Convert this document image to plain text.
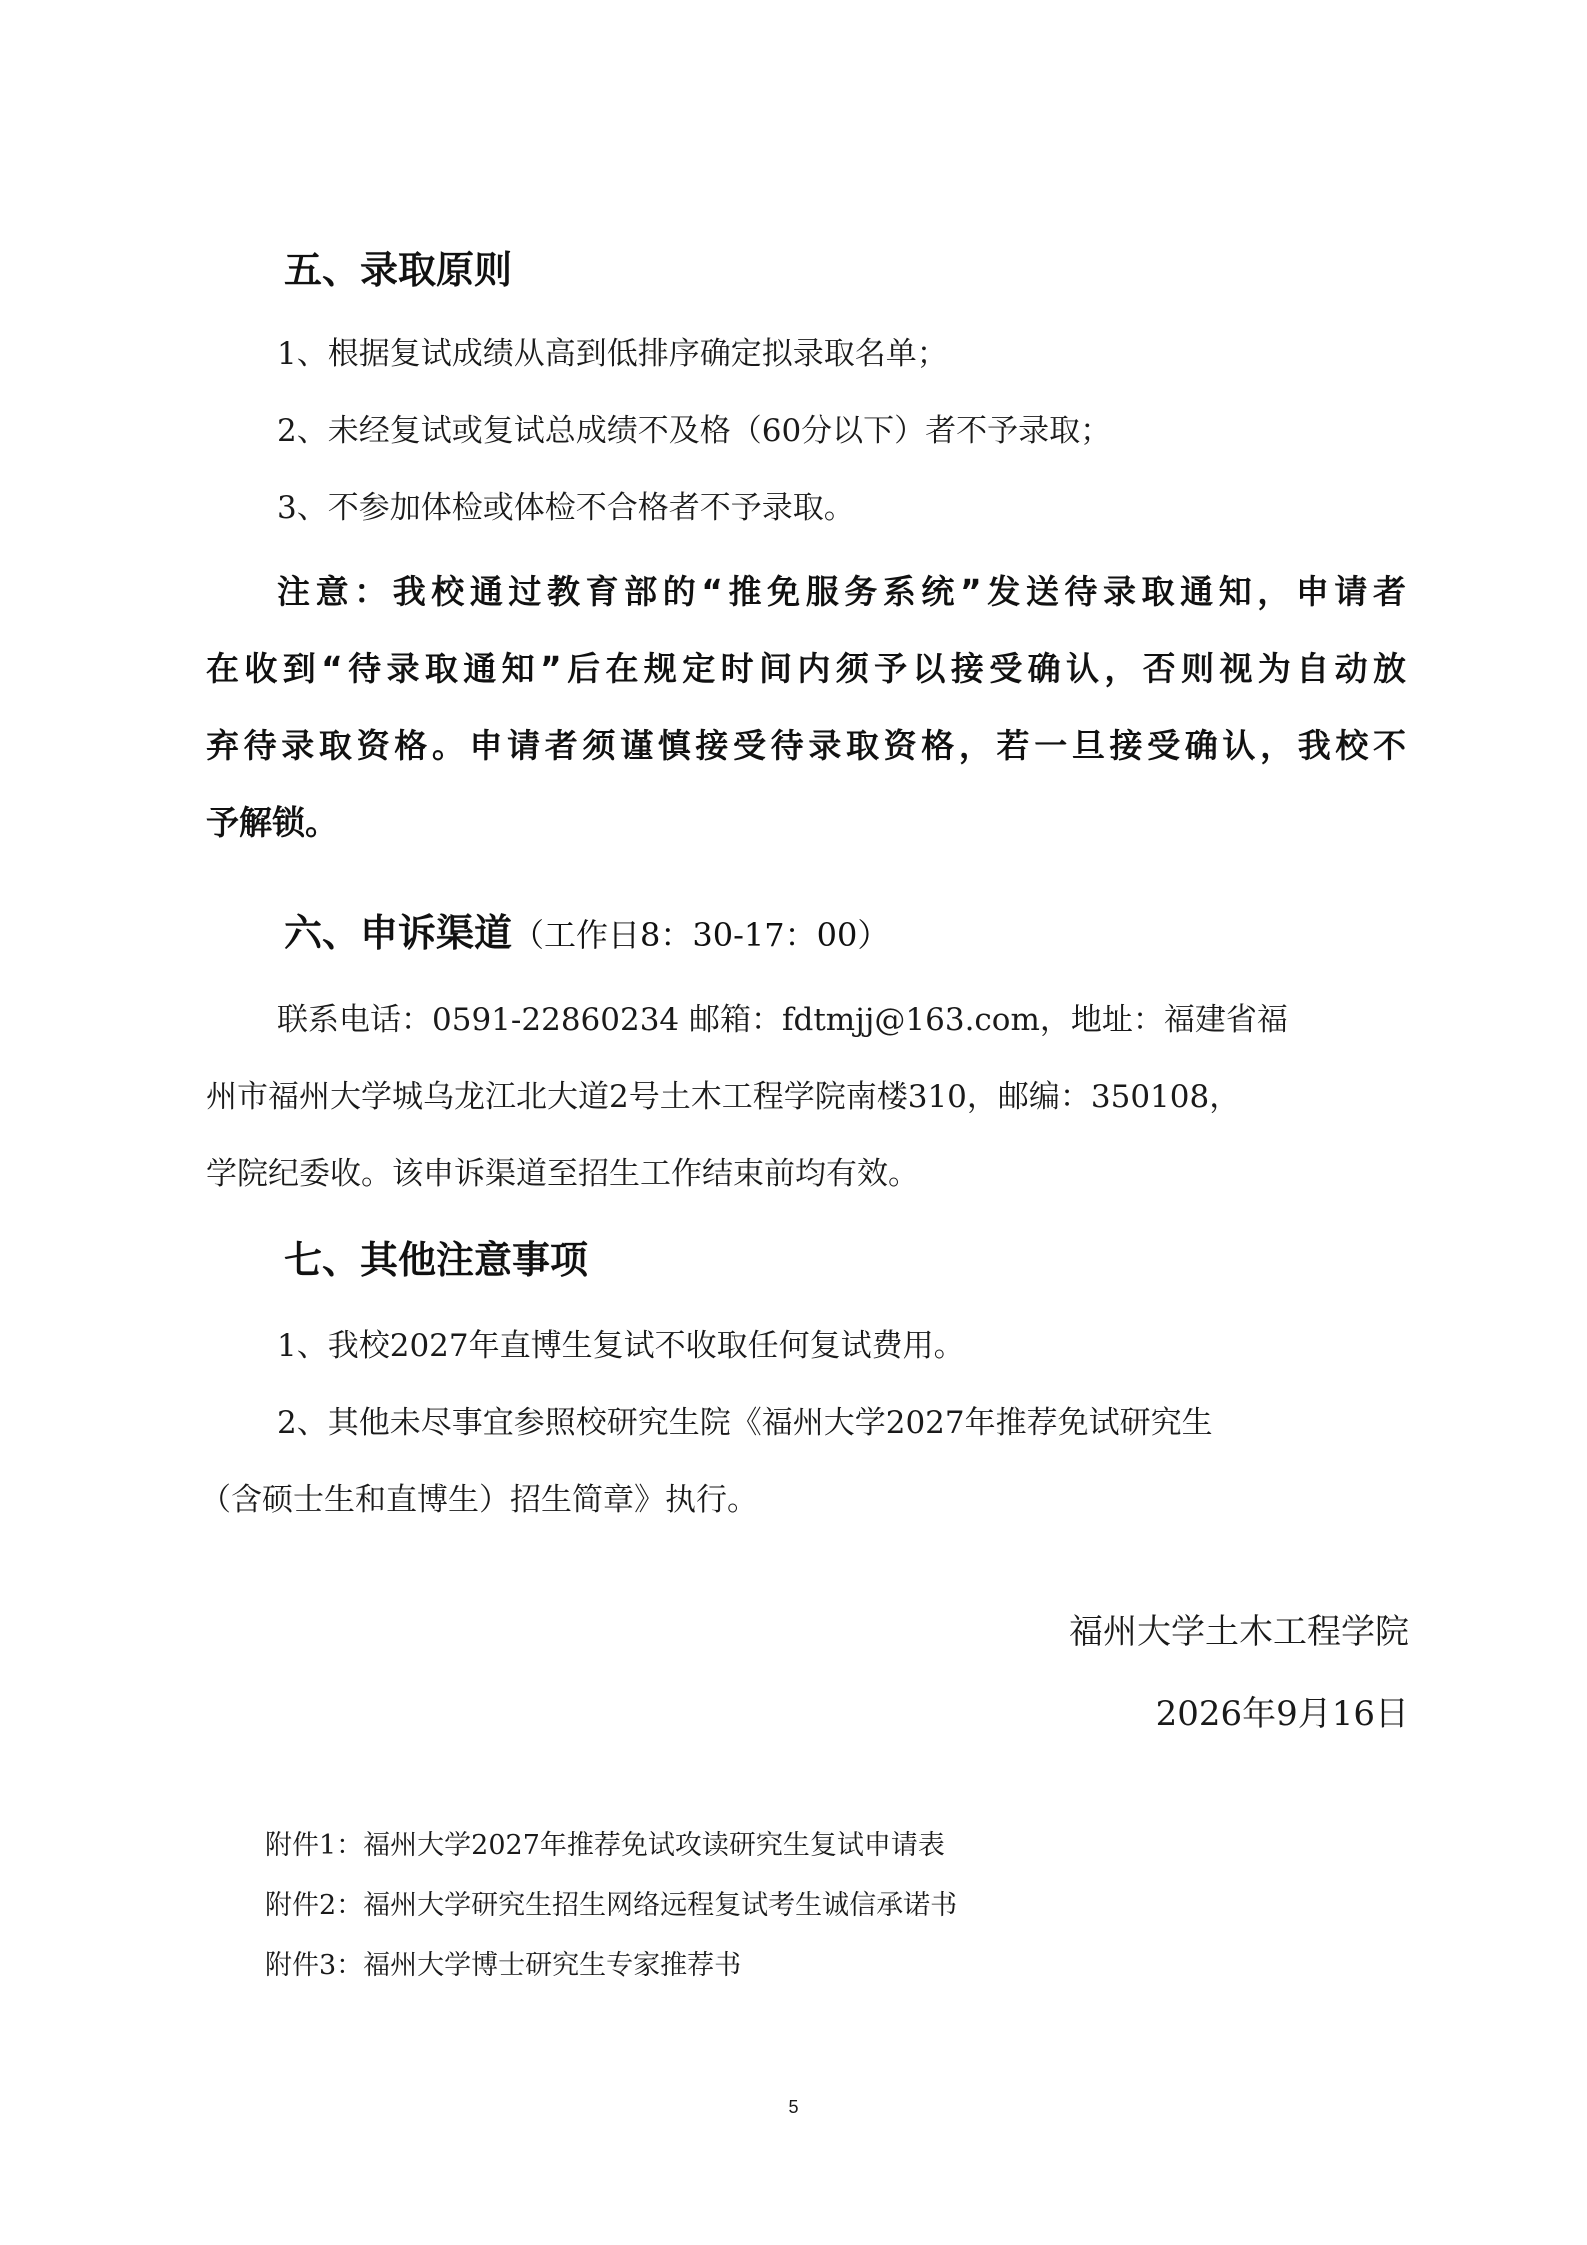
五、录取原则
1、根据复试成绩从高到低排序确定拟录取名单；
2、未经复试或复试总成绩不及格（60分以下）者不予录取；
3、不参加体检或体检不合格者不予录取。
注意：我校通过教育部的“推免服务系统”发送待录取通知，申请者
在收到“待录取通知”后在规定时间内须予以接受确认，否则视为自动放
弃待录取资格。申请者须谨慎接受待录取资格，若一旦接受确认，我校不
予解锁。
六、申诉渠道（工作日8：30-17：00）
联系电话：0591-22860234 邮箱：fdtmjj@163.com，地址：福建省福
州市福州大学城乌龙江北大道2号土木工程学院南楼310，邮编：350108，
学院纪委收。该申诉渠道至招生工作结束前均有效。
七、其他注意事项
1、我校2027年直博生复试不收取任何复试费用。
2、其他未尽事宜参照校研究生院《福州大学2027年推荐免试研究生
（含硕士生和直博生）招生简章》执行。
福州大学土木工程学院
2026年9月16日
附件1：福州大学2027年推荐免试攻读研究生复试申请表
附件2：福州大学研究生招生网络远程复试考生诚信承诺书
附件3：福州大学博士研究生专家推荐书
5
